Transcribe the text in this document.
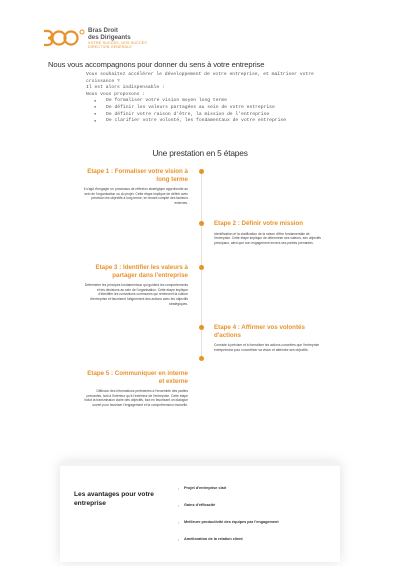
Bras Droit
des Dirigeants
VOTRE SUCCÈS, NOS SUCCÈS
DIRECTION GÉNÉRALE
Nous vous accompagnons pour donner du sens à votre entreprise
Vous souhaitez accélérer le développement de votre entreprise, et maîtriser votre
croissance ?
Il est alors indispensable :
Nous vous proposons :
● De formaliser votre vision moyen long terme
● De définir les valeurs partagées au sein de votre entreprise
● De définir votre raison d'être, la mission de l'entreprise
● De clarifier votre volonté, les fondamentaux de votre entreprise
Une prestation en 5 étapes
Etape 1 : Formaliser votre vision à long terme
Il s'agit d'engager un processus de réflexion stratégique approfondie au sein de l'organisation ou du projet. Cette étape implique de définir avec précision les objectifs à long terme, en tenant compte des facteurs externes.
Etape 2 : Définir votre mission
Identification et la clarification de la raison d'être fondamentale de l'entreprise. Cette étape implique de déterminer ses valeurs, ses objectifs principaux, ainsi que son engagement envers ses parties prenantes.
Etape 3 : Identifier les valeurs à partager dans l'entreprise
Déterminer les principes fondamentaux qui guident les comportements et les décisions au sein de l'organisation. Cette étape implique d'identifier les convictions communes qui renforcent la culture d'entreprise et favorisent l'alignement des actions avec les objectifs stratégiques.
Etape 4 : Affirmer vos volontés d'actions
Consiste à préciser et à formaliser les actions concrètes que l'entreprise entreprendra pour concrétiser sa vision et atteindre ses objectifs.
Etape 5 : Communiquer en interne et externe
Diffusion des informations pertinentes à l'ensemble des parties prenantes, tant à l'intérieur qu'à l'extérieur de l'entreprise. Cette étape inclut la transmission claire des objectifs, tout en favorisant un dialogue ouvert pour favoriser l'engagement et la compréhension mutuelle.
Les avantages pour votre entreprise
› Projet d'entreprise clair
› Gains d'efficacité
› Meilleure productivité des équipes par l'engagement
› Amélioration de la relation client
